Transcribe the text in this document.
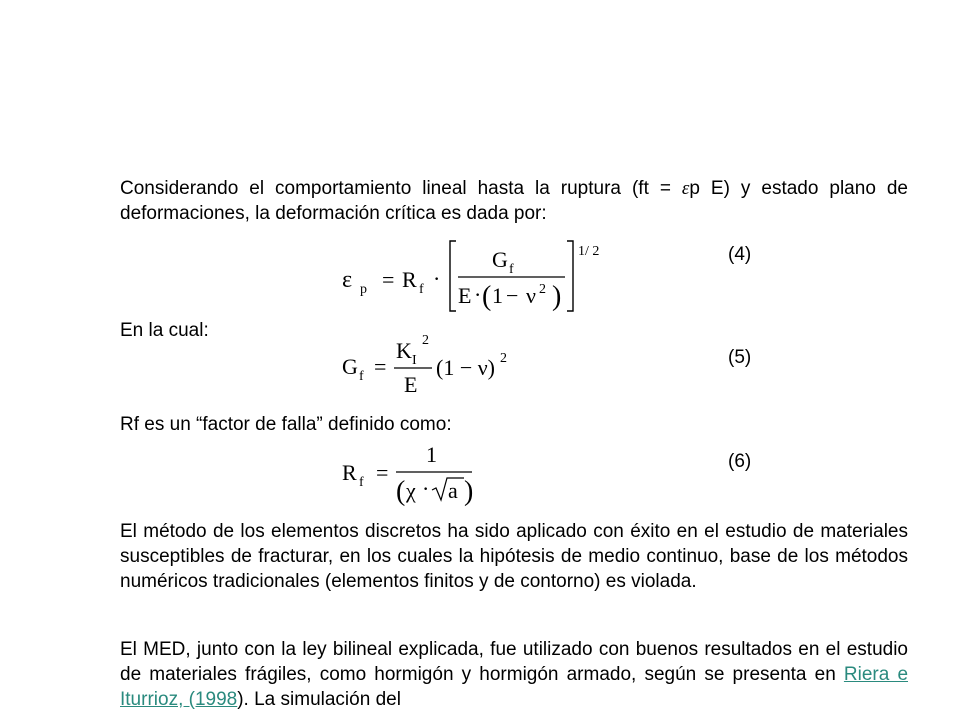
Considerando el comportamiento lineal hasta la ruptura (ft = εp E) y estado plano de deformaciones, la deformación crítica es dada por:

ε p = R f ·
G f
E · ( 1 − ν 2 )
1/ 2	(4)

En la cual:

G f =
K I
2
E
(1 − ν) 2	(5)

Rf es un “factor de falla” definido como:

R f =
1
( χ · a )
(6)

El método de los elementos discretos ha sido aplicado con éxito en el estudio de materiales susceptibles de fracturar, en los cuales la hipótesis de medio continuo, base de los métodos numéricos tradicionales (elementos finitos y de contorno) es violada.

El MED, junto con la ley bilineal explicada, fue utilizado con buenos resultados en el estudio de materiales frágiles, como hormigón y hormigón armado, según se presenta en Riera e Iturrioz, (1998). La simulación del
